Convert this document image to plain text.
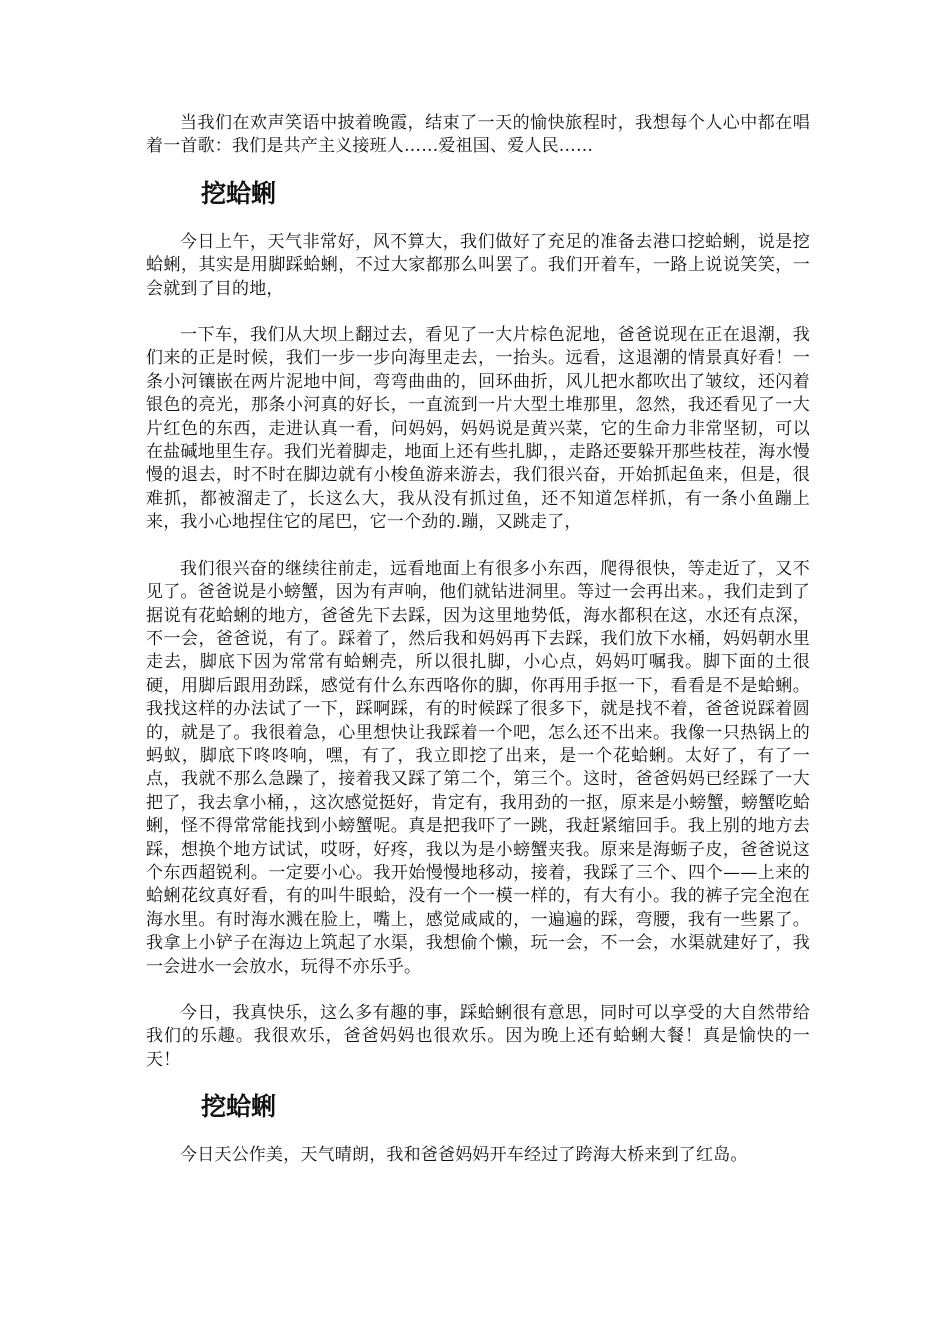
当我们在欢声笑语中披着晚霞，结束了一天的愉快旅程时，我想每个人心中都在唱着一首歌：我们是共产主义接班人……爱祖国、爱人民……

挖蛤蜊

今日上午，天气非常好，风不算大，我们做好了充足的准备去港口挖蛤蜊，说是挖蛤蜊，其实是用脚踩蛤蜊，不过大家都那么叫罢了。我们开着车，一路上说说笑笑，一会就到了目的地，

一下车，我们从大坝上翻过去，看见了一大片棕色泥地，爸爸说现在正在退潮，我们来的正是时候，我们一步一步向海里走去，一抬头。远看，这退潮的情景真好看！一条小河镶嵌在两片泥地中间，弯弯曲曲的，回环曲折，风儿把水都吹出了皱纹，还闪着银色的亮光，那条小河真的好长，一直流到一片大型土堆那里，忽然，我还看见了一大片红色的东西，走进认真一看，问妈妈，妈妈说是黄兴菜，它的生命力非常坚韧，可以在盐碱地里生存。我们光着脚走，地面上还有些扎脚，，走路还要躲开那些枝茬，海水慢慢的退去，时不时在脚边就有小梭鱼游来游去，我们很兴奋，开始抓起鱼来，但是，很难抓，都被溜走了，长这么大，我从没有抓过鱼，还不知道怎样抓，有一条小鱼蹦上来，我小心地捏住它的尾巴，它一个劲的.蹦，又跳走了，

我们很兴奋的继续往前走，远看地面上有很多小东西，爬得很快，等走近了，又不见了。爸爸说是小螃蟹，因为有声响，他们就钻进洞里。等过一会再出来。，我们走到了据说有花蛤蜊的地方，爸爸先下去踩，因为这里地势低，海水都积在这，水还有点深，不一会，爸爸说，有了。踩着了，然后我和妈妈再下去踩，我们放下水桶，妈妈朝水里走去，脚底下因为常常有蛤蜊壳，所以很扎脚，小心点，妈妈叮嘱我。脚下面的土很硬，用脚后跟用劲踩，感觉有什么东西咯你的脚，你再用手抠一下，看看是不是蛤蜊。我找这样的办法试了一下，踩啊踩，有的时候踩了很多下，就是找不着，爸爸说踩着圆的，就是了。我很着急，心里想快让我踩着一个吧，怎么还不出来。我像一只热锅上的蚂蚁，脚底下咚咚响，嘿，有了，我立即挖了出来，是一个花蛤蜊。太好了，有了一点，我就不那么急躁了，接着我又踩了第二个，第三个。这时，爸爸妈妈已经踩了一大把了，我去拿小桶，，这次感觉挺好，肯定有，我用劲的一抠，原来是小螃蟹，螃蟹吃蛤蜊，怪不得常常能找到小螃蟹呢。真是把我吓了一跳，我赶紧缩回手。我上别的地方去踩，想换个地方试试，哎呀，好疼，我以为是小螃蟹夹我。原来是海蛎子皮，爸爸说这个东西超锐利。一定要小心。我开始慢慢地移动，接着，我踩了三个、四个——上来的蛤蜊花纹真好看，有的叫牛眼蛤，没有一个一模一样的，有大有小。我的裤子完全泡在海水里。有时海水溅在脸上，嘴上，感觉咸咸的，一遍遍的踩，弯腰，我有一些累了。我拿上小铲子在海边上筑起了水渠，我想偷个懒，玩一会，不一会，水渠就建好了，我一会进水一会放水，玩得不亦乐乎。

今日，我真快乐，这么多有趣的事，踩蛤蜊很有意思，同时可以享受的大自然带给我们的乐趣。我很欢乐，爸爸妈妈也很欢乐。因为晚上还有蛤蜊大餐！真是愉快的一天！

挖蛤蜊

今日天公作美，天气晴朗，我和爸爸妈妈开车经过了跨海大桥来到了红岛。
